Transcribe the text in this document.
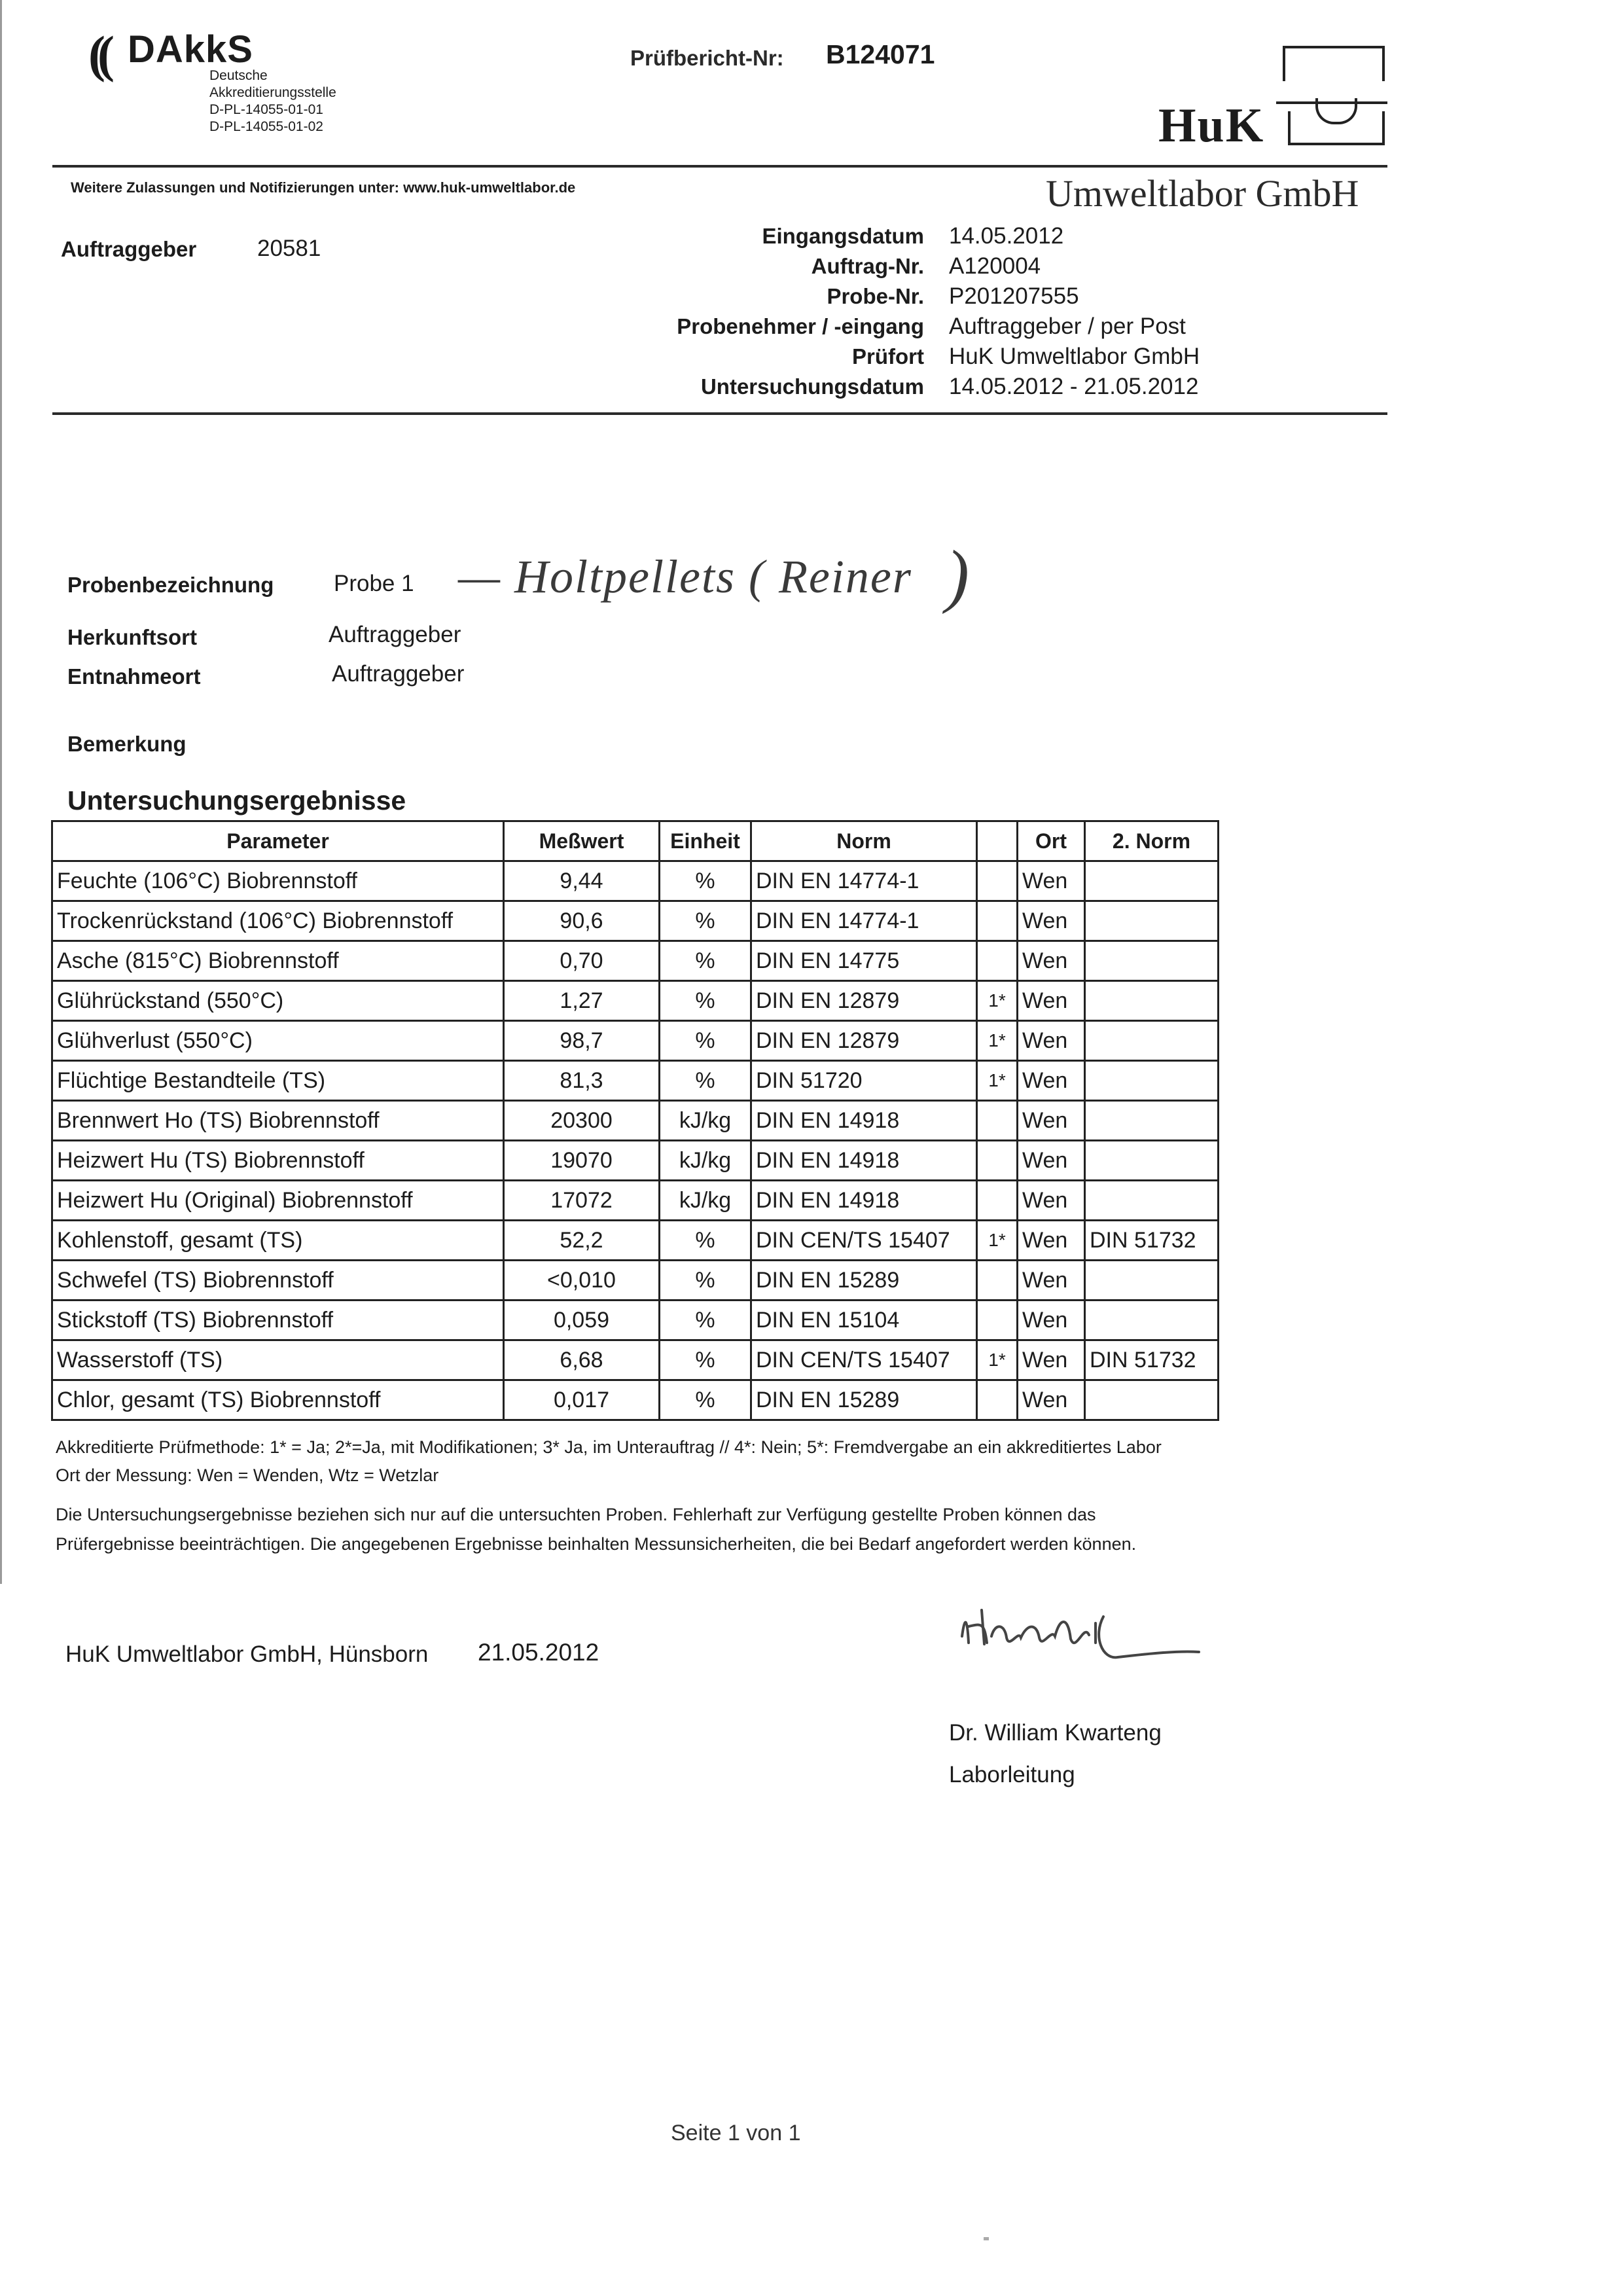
(( DAkkS
Deutsche
Akkreditierungsstelle
D-PL-14055-01-01
D-PL-14055-01-02
Prüfbericht-Nr: B124071
HuK
Weitere Zulassungen und Notifizierungen unter: www.huk-umweltlabor.de	Umweltlabor GmbH
Auftraggeber	20581	Eingangsdatum 14.05.2012
Auftrag-Nr. A120004
Probe-Nr. P201207555
Probenehmer / -eingang Auftraggeber / per Post
Prüfort HuK Umweltlabor GmbH
Untersuchungsdatum 14.05.2012 - 21.05.2012
Probenbezeichnung	Probe 1 — Holtpellets ( Reiner )
Herkunftsort	Auftraggeber
Entnahmeort	Auftraggeber
Bemerkung
Untersuchungsergebnisse
Parameter	Meßwert	Einheit	Norm		Ort	2. Norm
Feuchte (106°C) Biobrennstoff	9,44	%	DIN EN 14774-1		Wen	
Trockenrückstand (106°C) Biobrennstoff	90,6	%	DIN EN 14774-1		Wen	
Asche (815°C) Biobrennstoff	0,70	%	DIN EN 14775		Wen	
Glührückstand (550°C)	1,27	%	DIN EN 12879	1*	Wen	
Glühverlust (550°C)	98,7	%	DIN EN 12879	1*	Wen	
Flüchtige Bestandteile (TS)	81,3	%	DIN 51720	1*	Wen	
Brennwert Ho (TS) Biobrennstoff	20300	kJ/kg	DIN EN 14918		Wen	
Heizwert Hu (TS) Biobrennstoff	19070	kJ/kg	DIN EN 14918		Wen	
Heizwert Hu (Original) Biobrennstoff	17072	kJ/kg	DIN EN 14918		Wen	
Kohlenstoff, gesamt (TS)	52,2	%	DIN CEN/TS 15407	1*	Wen	DIN 51732
Schwefel (TS) Biobrennstoff	<0,010	%	DIN EN 15289		Wen	
Stickstoff (TS) Biobrennstoff	0,059	%	DIN EN 15104		Wen	
Wasserstoff (TS)	6,68	%	DIN CEN/TS 15407	1*	Wen	DIN 51732
Chlor, gesamt (TS) Biobrennstoff	0,017	%	DIN EN 15289		Wen	
Akkreditierte Prüfmethode: 1* = Ja; 2*=Ja, mit Modifikationen; 3* Ja, im Unterauftrag // 4*: Nein; 5*: Fremdvergabe an ein akkreditiertes Labor
Ort der Messung: Wen = Wenden, Wtz = Wetzlar
Die Untersuchungsergebnisse beziehen sich nur auf die untersuchten Proben. Fehlerhaft zur Verfügung gestellte Proben können das
Prüfergebnisse beeinträchtigen. Die angegebenen Ergebnisse beinhalten Messunsicherheiten, die bei Bedarf angefordert werden können.
HuK Umweltlabor GmbH, Hünsborn 21.05.2012
Dr. William Kwarteng
Laborleitung
Seite 1 von 1
